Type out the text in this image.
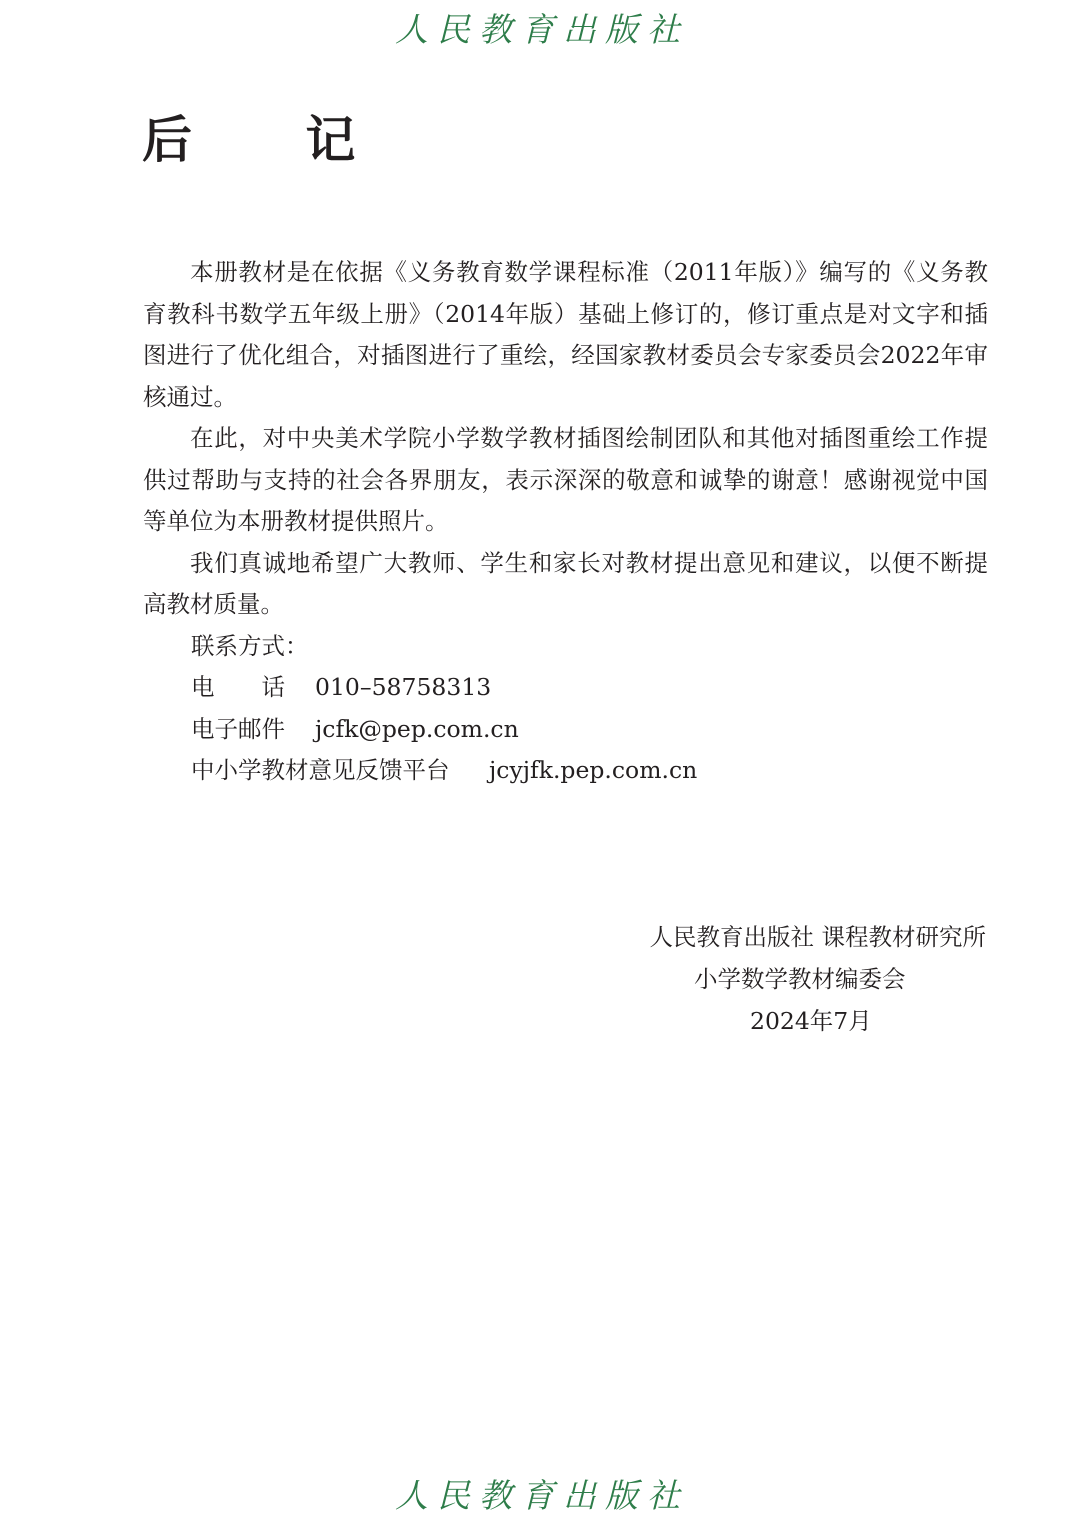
人民教育出版社
后 记

本册教材是在依据《义务教育数学课程标准（2011年版）》编写的《义务教育教科书数学五年级上册》（2014年版）基础上修订的，修订重点是对文字和插图进行了优化组合，对插图进行了重绘，经国家教材委员会专家委员会2022年审核通过。

在此，对中央美术学院小学数学教材插图绘制团队和其他对插图重绘工作提供过帮助与支持的社会各界朋友，表示深深的敬意和诚挚的谢意！感谢视觉中国等单位为本册教材提供照片。

我们真诚地希望广大教师、学生和家长对教材提出意见和建议，以便不断提高教材质量。

联系方式：

电　　话 010–58758313

电子邮件 jcfk@pep.com.cn

中小学教材意见反馈平台 jcyjfk.pep.com.cn

人民教育出版社 课程教材研究所

小学数学教材编委会

2024年7月

人民教育出版社
